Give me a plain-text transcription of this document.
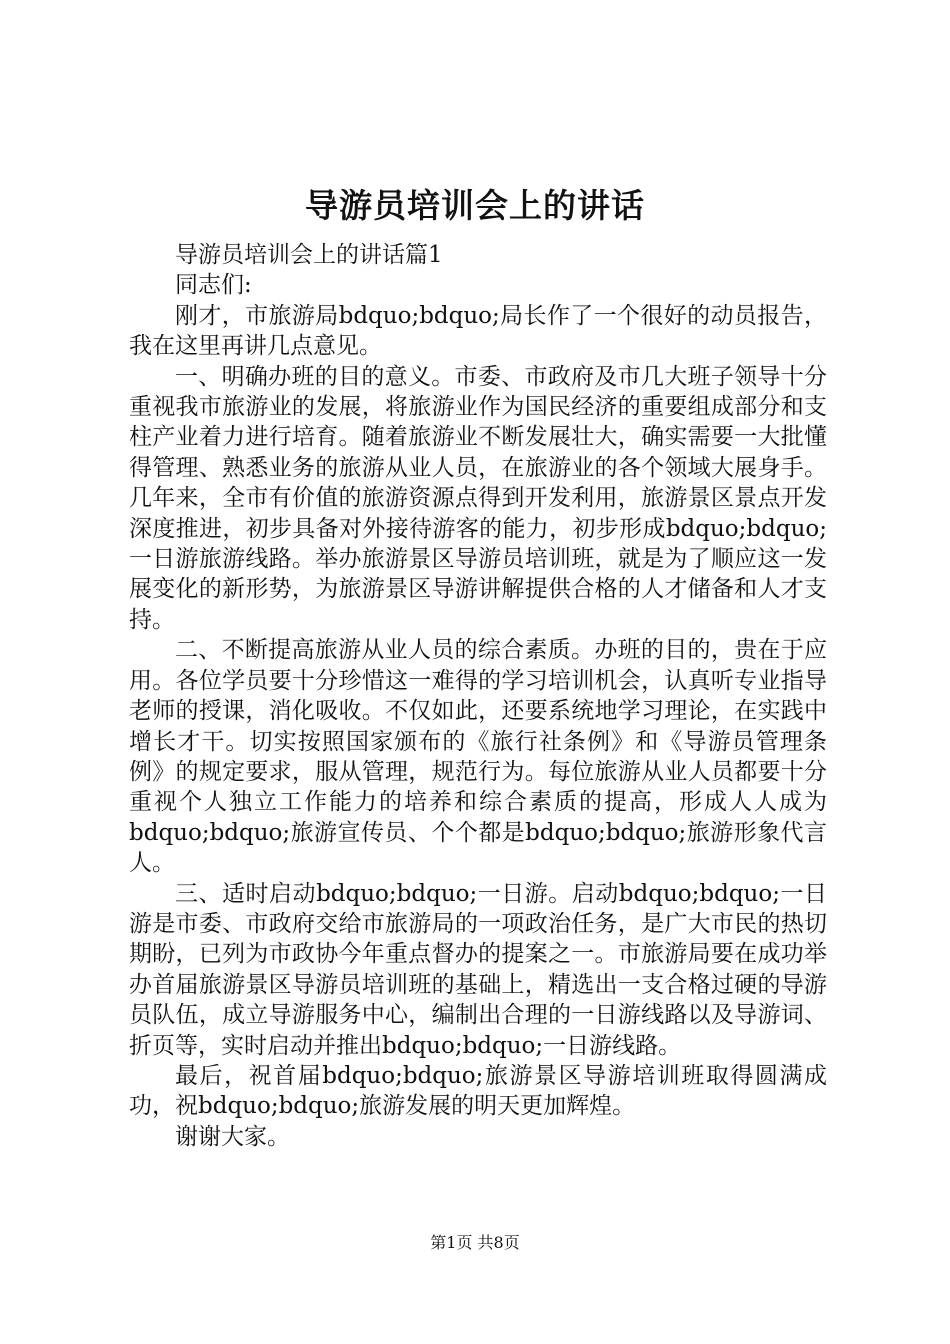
导游员培训会上的讲话

导游员培训会上的讲话篇1

同志们:

刚才，市旅游局bdquo;bdquo;局长作了一个很好的动员报告，我在这里再讲几点意见。

一、明确办班的目的意义。市委、市政府及市几大班子领导十分重视我市旅游业的发展，将旅游业作为国民经济的重要组成部分和支柱产业着力进行培育。随着旅游业不断发展壮大，确实需要一大批懂得管理、熟悉业务的旅游从业人员，在旅游业的各个领域大展身手。几年来，全市有价值的旅游资源点得到开发利用，旅游景区景点开发深度推进，初步具备对外接待游客的能力，初步形成bdquo;bdquo;一日游旅游线路。举办旅游景区导游员培训班，就是为了顺应这一发展变化的新形势，为旅游景区导游讲解提供合格的人才储备和人才支持。

二、不断提高旅游从业人员的综合素质。办班的目的，贵在于应用。各位学员要十分珍惜这一难得的学习培训机会，认真听专业指导老师的授课，消化吸收。不仅如此，还要系统地学习理论，在实践中增长才干。切实按照国家颁布的《旅行社条例》和《导游员管理条例》的规定要求，服从管理，规范行为。每位旅游从业人员都要十分重视个人独立工作能力的培养和综合素质的提高，形成人人成为bdquo;bdquo;旅游宣传员、个个都是bdquo;bdquo;旅游形象代言人。

三、适时启动bdquo;bdquo;一日游。启动bdquo;bdquo;一日游是市委、市政府交给市旅游局的一项政治任务，是广大市民的热切期盼，已列为市政协今年重点督办的提案之一。市旅游局要在成功举办首届旅游景区导游员培训班的基础上，精选出一支合格过硬的导游员队伍，成立导游服务中心，编制出合理的一日游线路以及导游词、折页等，实时启动并推出bdquo;bdquo;一日游线路。

最后，祝首届bdquo;bdquo;旅游景区导游培训班取得圆满成功，祝bdquo;bdquo;旅游发展的明天更加辉煌。

谢谢大家。

第1页 共8页
